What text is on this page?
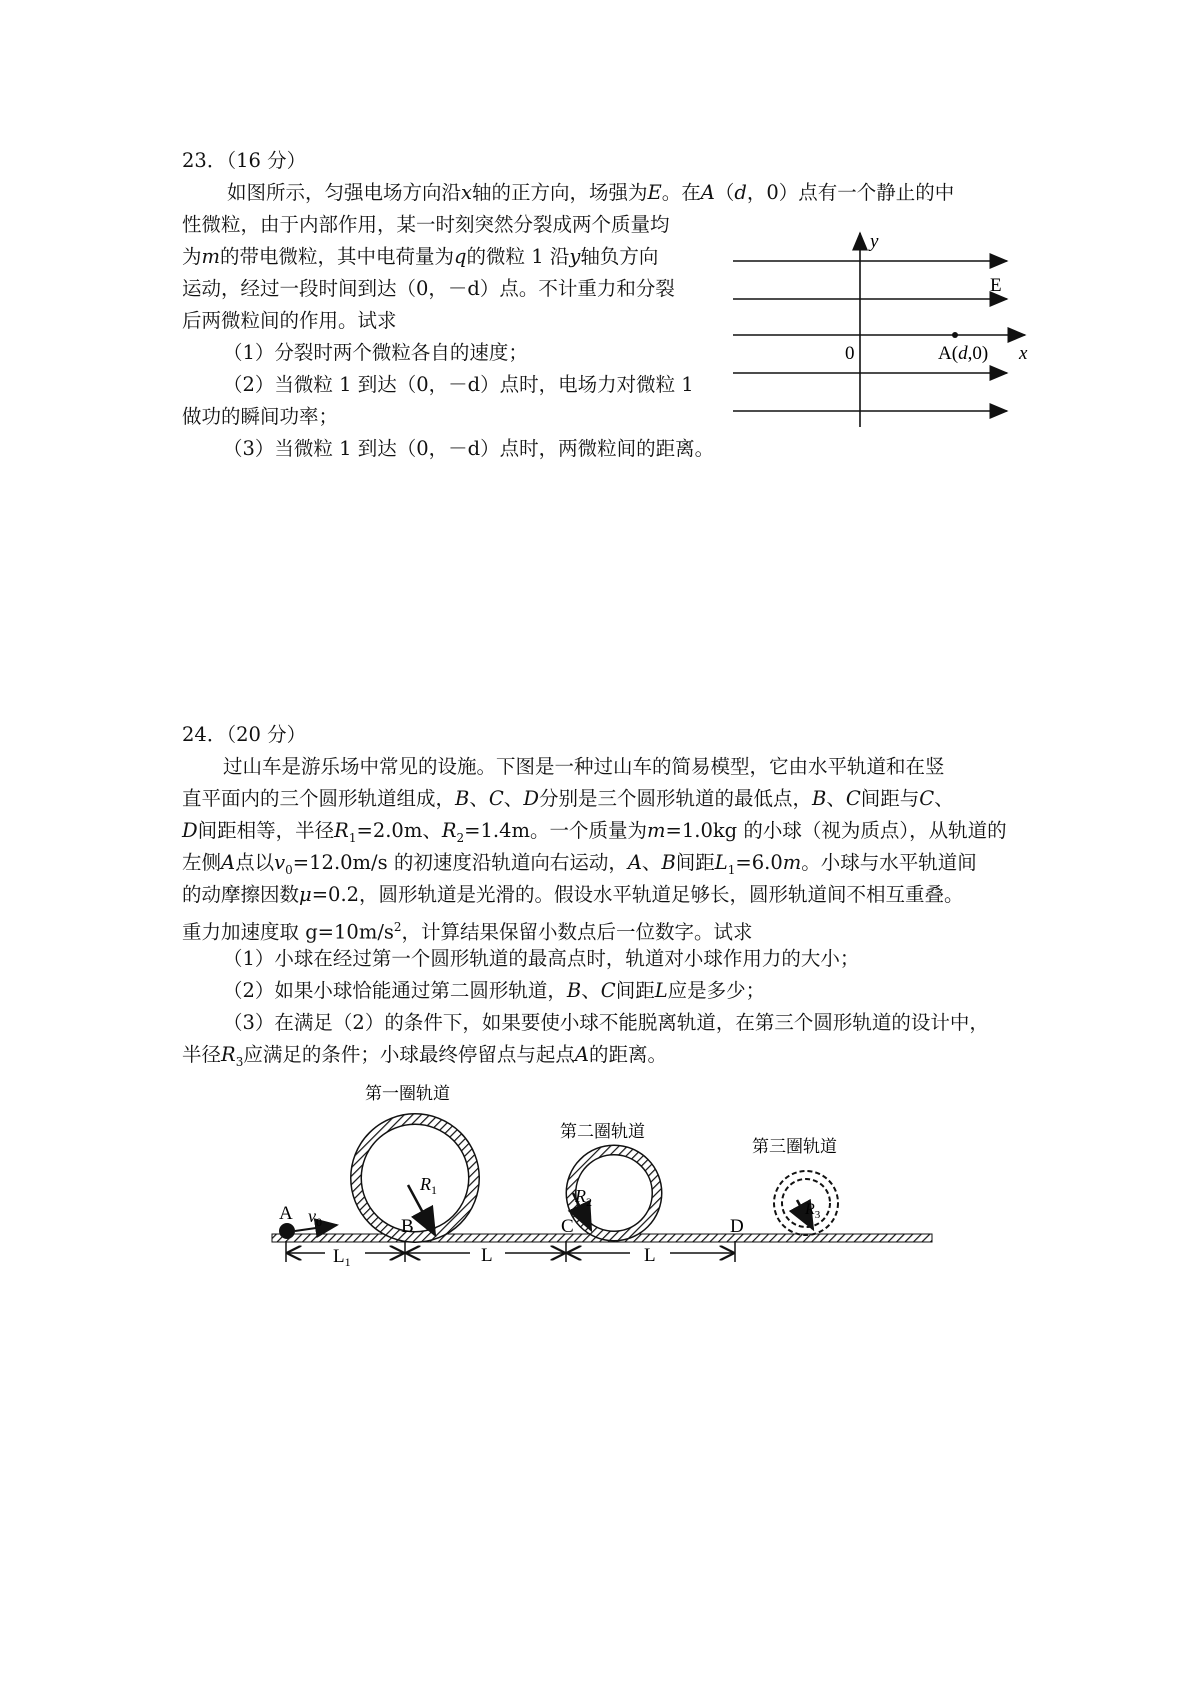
23．（16 分）
如图所示，匀强电场方向沿x轴的正方向，场强为E。在A（d，0）点有一个静止的中
性微粒，由于内部作用，某一时刻突然分裂成两个质量均
为m的带电微粒，其中电荷量为q的微粒 1 沿y轴负方向
运动，经过一段时间到达（0，－d）点。不计重力和分裂
后两微粒间的作用。试求
（1）分裂时两个微粒各自的速度；
（2）当微粒 1 到达（0，－d）点时，电场力对微粒 1
做功的瞬间功率；
（3）当微粒 1 到达（0，－d）点时，两微粒间的距离。
y
E
0	x
A(d,0)
24．（20 分）
过山车是游乐场中常见的设施。下图是一种过山车的简易模型，它由水平轨道和在竖
直平面内的三个圆形轨道组成，B、C、D分别是三个圆形轨道的最低点，B、C间距与C、
D间距相等，半径$R_1=2.0m$、$R_2=1.4m$。一个质量为m=1.0kg 的小球（视为质点），从轨道的
左侧A点以$v_0=12.0m/s$ 的初速度沿轨道向右运动，A、B间距$L_1=6.0m$。小球与水平轨道间
的动摩擦因数μ=0.2，圆形轨道是光滑的。假设水平轨道足够长，圆形轨道间不相互重叠。
重力加速度取 $g=10m/s^2$，计算结果保留小数点后一位数字。试求
（1）小球在经过第一个圆形轨道的最高点时，轨道对小球作用力的大小；
（2）如果小球恰能通过第二圆形轨道，B、C间距L应是多少；
（3）在满足（2）的条件下，如果要使小球不能脱离轨道，在第三个圆形轨道的设计中，
半径$R_3$应满足的条件；小球最终停留点与起点A的距离。
第一圈轨道
第二圈轨道
第三圈轨道
A $v_0$	B	C	D
$R_1$	$R_2$	$R_3$
$L_1$	L	L
